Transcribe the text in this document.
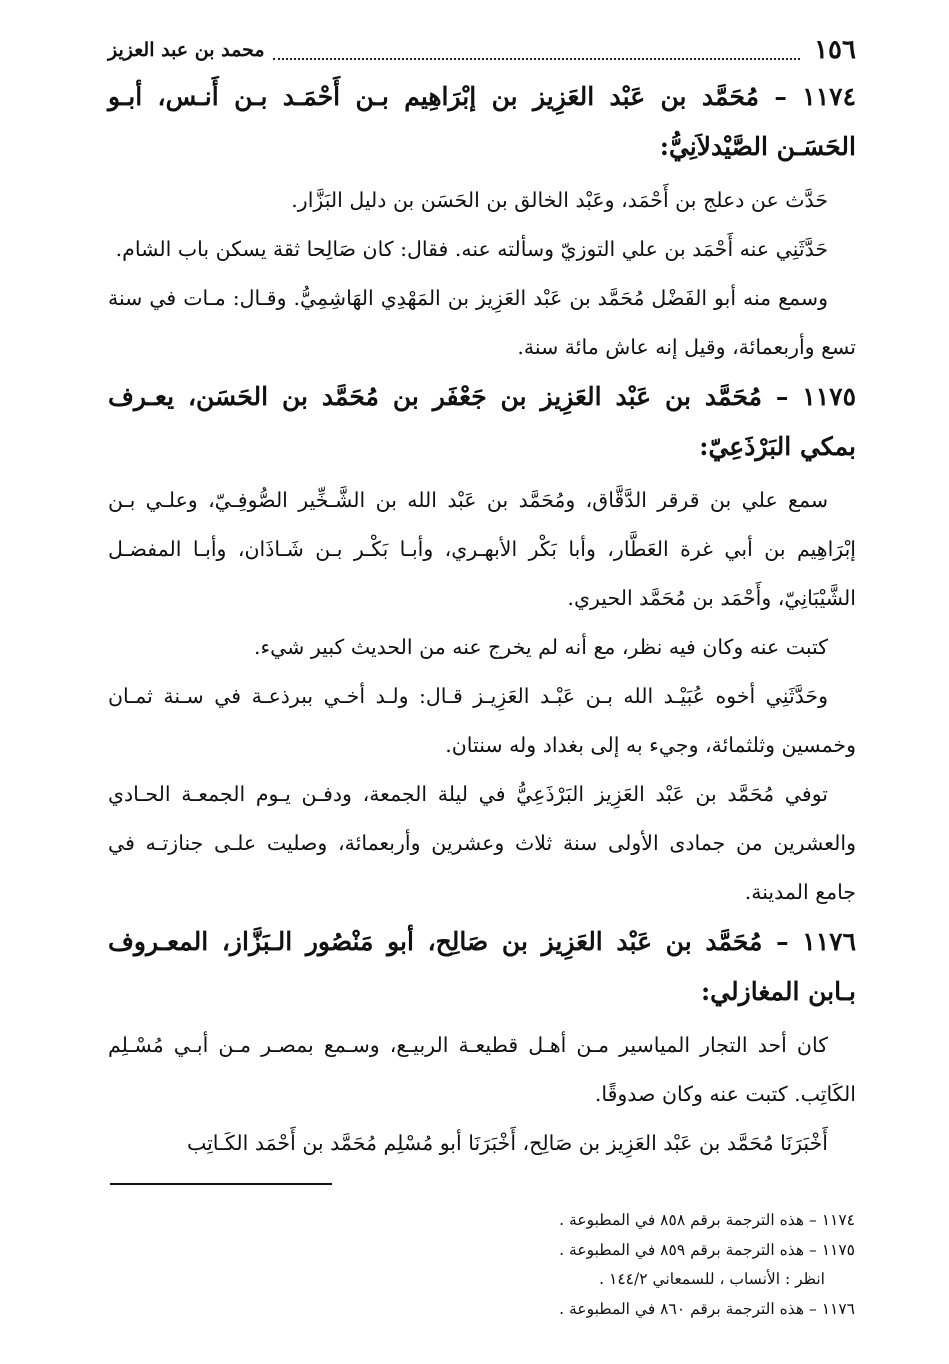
١٥٦
محمد بن عبد العزيز

١١٧٤ – مُحَمَّد بن عَبْد العَزِيز بن إبْرَاهِيم بـن أَحْمَـد بـن أَنـس، أبـو الحَسَـن الصَّيْدلاَنِيُّ:

حَدَّث عن دعلج بن أَحْمَد، وعَبْد الخالق بن الحَسَن بن دليل البَزَّار.

حَدَّثَنِي عنه أَحْمَد بن علي التوزيّ وسألته عنه. فقال: كان صَالِحا ثقة يسكن باب الشام.

وسمع منه أبو الفَضْل مُحَمَّد بن عَبْد العَزِيز بن المَهْدِي الهَاشِمِيُّ. وقـال: مـات في سنة تسع وأربعمائة، وقيل إنه عاش مائة سنة.

١١٧٥ – مُحَمَّد بن عَبْد العَزِيز بن جَعْفَر بن مُحَمَّد بن الحَسَن، يعـرف بمكي البَرْذَعِيّ:

سمع علي بن قرقر الدَّقَّاق، ومُحَمَّد بن عَبْد الله بن الشَّـخِّير الصُّوفِـيّ، وعلـي بـن إبْرَاهِيم بن أبي غرة العَطَّار، وأبا بَكْر الأبهـري، وأبـا بَكْـر بـن شَـاذَان، وأبـا المفضـل الشَّيْبَانِيّ، وأَحْمَد بن مُحَمَّد الحيري.

كتبت عنه وكان فيه نظر، مع أنه لم يخرج عنه من الحديث كبير شيء.

وحَدَّثَنِي أخوه عُبَيْـد الله بـن عَبْـد العَزِيـز قـال: ولـد أخـي ببرذعـة في سـنة ثمـان وخمسين وثلثمائة، وجيء به إلى بغداد وله سنتان.

توفي مُحَمَّد بن عَبْد العَزِيز البَرْذَعِيُّ في ليلة الجمعة، ودفـن يـوم الجمعـة الحـادي والعشرين من جمادى الأولى سنة ثلاث وعشرين وأربعمائة، وصليت علـى جنازتـه في جامع المدينة.

١١٧٦ – مُحَمَّد بن عَبْد العَزِيز بن صَالِح، أبو مَنْصُور الـبَزَّاز، المعـروف بـابن المغازلي:

كان أحد التجار المياسير مـن أهـل قطيعـة الربيـع، وسـمع بمصـر مـن أبـي مُسْـلِم الكَاتِب. كتبت عنه وكان صدوقًا.

أَخْبَرَنَا مُحَمَّد بن عَبْد العَزِيز بن صَالِح، أَخْبَرَنَا أبو مُسْلِم مُحَمَّد بن أَحْمَد الكَـاتِب

١١٧٤ – هذه الترجمة برقم ٨٥٨ في المطبوعة .

١١٧٥ – هذه الترجمة برقم ٨٥٩ في المطبوعة .

انظر : الأنساب ، للسمعاني ١٤٤/٢ .

١١٧٦ – هذه الترجمة برقم ٨٦٠ في المطبوعة .
